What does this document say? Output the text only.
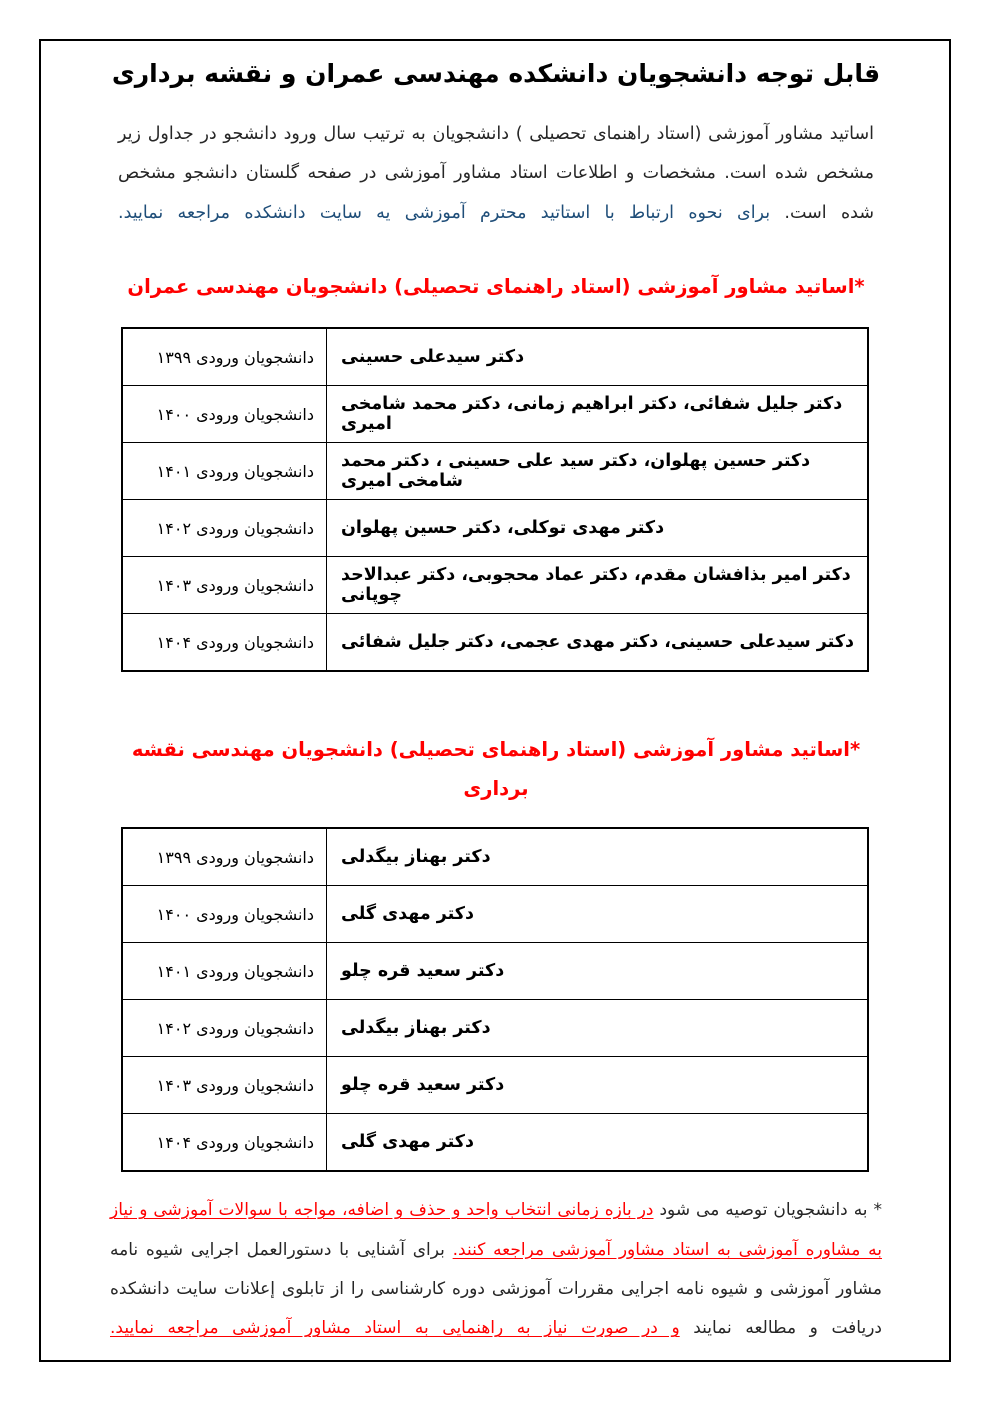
قابل توجه دانشجویان دانشکده مهندسی عمران و نقشه برداری

اساتید مشاور آموزشی (استاد راهنمای تحصیلی ) دانشجویان به ترتیب سال ورود دانشجو در جداول زیر مشخص شده است. مشخصات و اطلاعات استاد مشاور آموزشی در صفحه گلستان دانشجو مشخص شده است. برای نحوه ارتباط با استاتید محترم آموزشی یه سایت دانشکده مراجعه نمایید.

*اساتید مشاور آموزشی (استاد راهنمای تحصیلی) دانشجویان مهندسی عمران
دکتر سیدعلی حسینی	دانشجویان ورودی ۱۳۹۹
دکتر جلیل شفائی، دکتر ابراهیم زمانی، دکتر محمد شامخی امیری	دانشجویان ورودی ۱۴۰۰
دکتر حسین پهلوان، دکتر سید علی حسینی ، دکتر محمد شامخی امیری	دانشجویان ورودی ۱۴۰۱
دکتر مهدی توکلی، دکتر حسین پهلوان	دانشجویان ورودی ۱۴۰۲
دکتر امیر بذافشان مقدم، دکتر عماد محجوبی، دکتر عبدالاحد چوپانی	دانشجویان ورودی ۱۴۰۳
دکتر سیدعلی حسینی، دکتر مهدی عجمی، دکتر جلیل شفائی	دانشجویان ورودی ۱۴۰۴
*اساتید مشاور آموزشی (استاد راهنمای تحصیلی) دانشجویان مهندسی نقشه برداری
دکتر بهناز بیگدلی	دانشجویان ورودی ۱۳۹۹
دکتر مهدی گلی	دانشجویان ورودی ۱۴۰۰
دکتر سعید قره چلو	دانشجویان ورودی ۱۴۰۱
دکتر بهناز بیگدلی	دانشجویان ورودی ۱۴۰۲
دکتر سعید قره چلو	دانشجویان ورودی ۱۴۰۳
دکتر مهدی گلی	دانشجویان ورودی ۱۴۰۴

* به دانشجویان توصیه می شود در بازه زمانی انتخاب واحد و حذف و اضافه، مواجه با سوالات آموزشی و نیاز به مشاوره آموزشی به استاد مشاور آموزشی مراجعه کنند. برای آشنایی با دستورالعمل اجرایی شیوه نامه مشاور آموزشی و شیوه نامه اجرایی مقررات آموزشی دوره کارشناسی را از تابلوی إعلانات سایت دانشکده دریافت و مطالعه نمایند و در صورت نیاز به راهنمایی به استاد مشاور آموزشی مراجعه نمایید.
